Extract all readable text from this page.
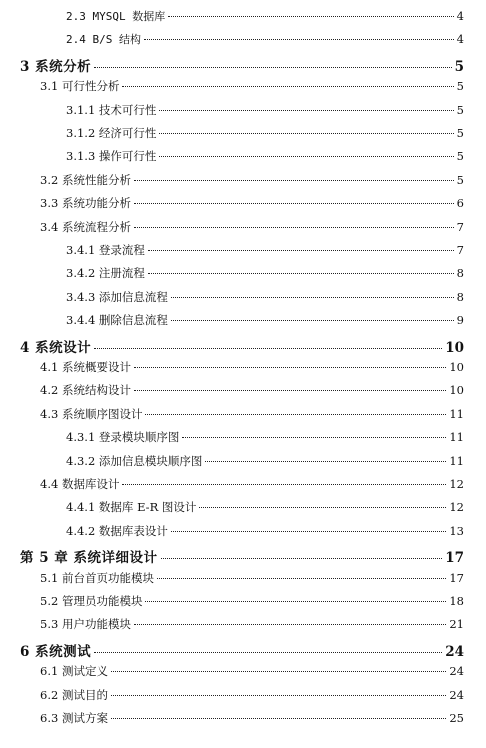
2.3 MYSQL 数据库	4
2.4 B/S 结构	4
3 系统分析	5
3.1 可行性分析	5
3.1.1 技术可行性	5
3.1.2 经济可行性	5
3.1.3 操作可行性	5
3.2 系统性能分析	5
3.3 系统功能分析	6
3.4 系统流程分析	7
3.4.1 登录流程	7
3.4.2 注册流程	8
3.4.3 添加信息流程	8
3.4.4 删除信息流程	9
4 系统设计	10
4.1 系统概要设计	10
4.2 系统结构设计	10
4.3 系统顺序图设计	11
4.3.1 登录模块顺序图	11
4.3.2 添加信息模块顺序图	11
4.4 数据库设计	12
4.4.1 数据库 E-R 图设计	12
4.4.2 数据库表设计	13
第 5 章 系统详细设计	17
5.1 前台首页功能模块	17
5.2 管理员功能模块	18
5.3 用户功能模块	21
6 系统测试	24
6.1 测试定义	24
6.2 测试目的	24
6.3 测试方案	25
